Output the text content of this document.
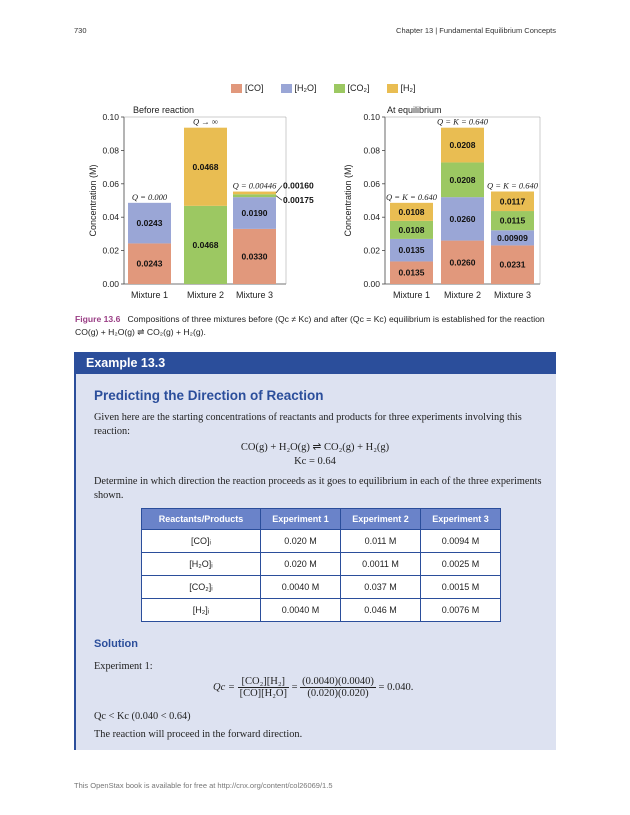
730	Chapter 13 | Fundamental Equilibrium Concepts
[CO]	[H₂O]	[CO₂]	[H₂]
0.00
0.02
0.04
0.06
0.08
0.10
Concentration (M)
Before reaction
Mixture 1
0.0243
0.0243
Q = 0.000
Mixture 2
0.0468
0.0468
Q → ∞
Mixture 3
0.0330
0.0190
0.00160
0.00175
Q = 0.00446
0.00
0.02
0.04
0.06
0.08
0.10
Concentration (M)
At equilibrium
Mixture 1
0.0135
0.0135
0.0108
0.0108
Q = K = 0.640
Mixture 2
0.0260
0.0260
0.0208
0.0208
Q = K = 0.640
Mixture 3
0.0231
0.00909
0.0115
0.0117
Q = K = 0.640
Figure 13.6 Compositions of three mixtures before (Qc ≠ Kc) and after (Qc = Kc) equilibrium is established for the reaction CO(g) + H₂O(g) ⇌ CO₂(g) + H₂(g).
Example 13.3
Predicting the Direction of Reaction
Given here are the starting concentrations of reactants and products for three experiments involving this reaction:
CO(g) + H₂O(g) ⇌ CO₂(g) + H₂(g)
Kc = 0.64
Determine in which direction the reaction proceeds as it goes to equilibrium in each of the three experiments shown.
Reactants/Products	Experiment 1	Experiment 2	Experiment 3
[CO]ᵢ	0.020 M	0.011 M	0.0094 M
[H₂O]ᵢ	0.020 M	0.0011 M	0.0025 M
[CO₂]ᵢ	0.0040 M	0.037 M	0.0015 M
[H₂]ᵢ	0.0040 M	0.046 M	0.0076 M
Solution
Experiment 1:
$Qc = \frac{\text{[CO₂][H₂]}}{\text{[CO][H₂O]}} = \frac{(0.0040)(0.0040)}{(0.020)(0.020)} = 0.040$.
Qc < Kc (0.040 < 0.64)
The reaction will proceed in the forward direction.
This OpenStax book is available for free at http://cnx.org/content/col26069/1.5
